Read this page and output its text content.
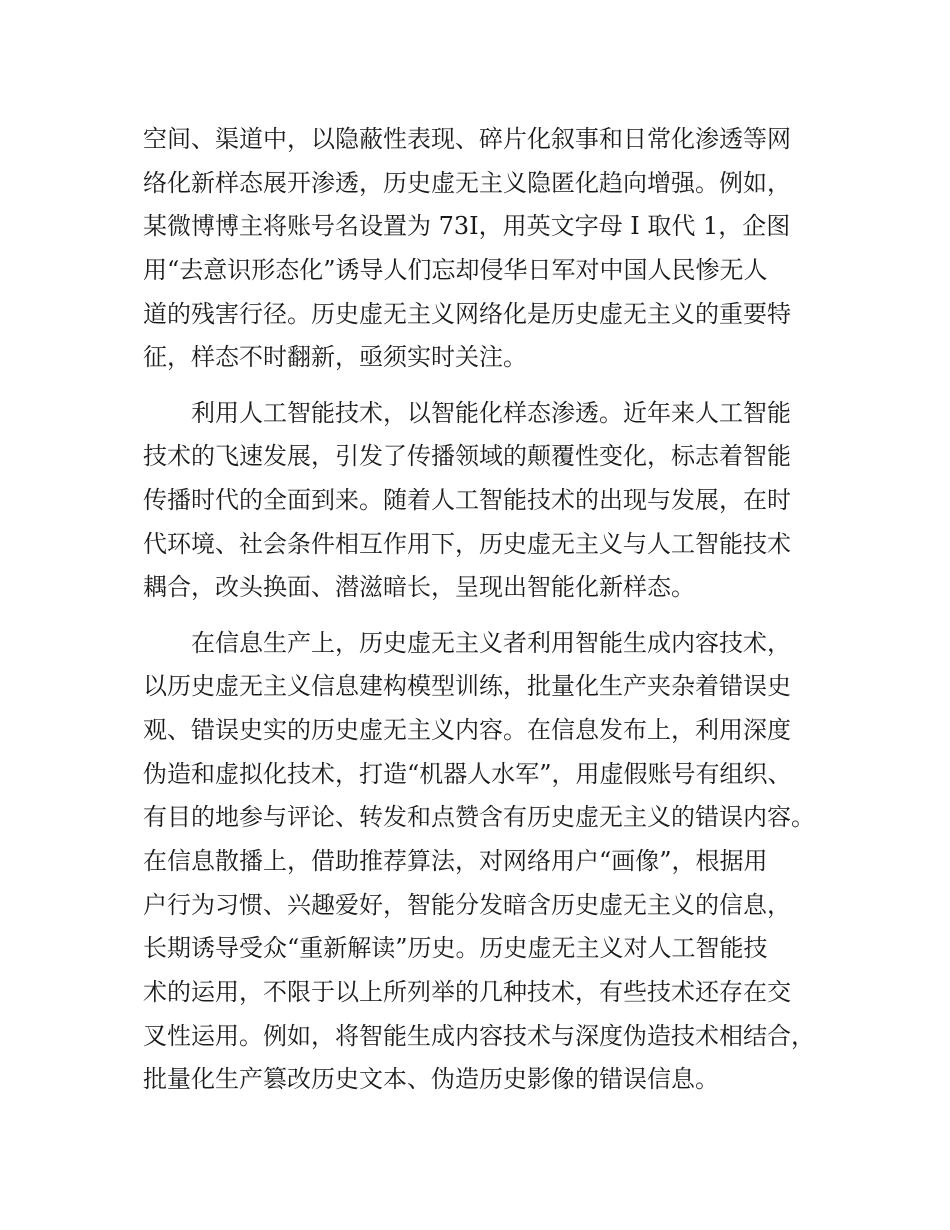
空间、渠道中，以隐蔽性表现、碎片化叙事和日常化渗透等网
络化新样态展开渗透，历史虚无主义隐匿化趋向增强。例如，
某微博博主将账号名设置为 73I，用英文字母 I 取代 1，企图
用“去意识形态化”诱导人们忘却侵华日军对中国人民惨无人
道的残害行径。历史虚无主义网络化是历史虚无主义的重要特
征，样态不时翻新，亟须实时关注。
利用人工智能技术，以智能化样态渗透。近年来人工智能
技术的飞速发展，引发了传播领域的颠覆性变化，标志着智能
传播时代的全面到来。随着人工智能技术的出现与发展，在时
代环境、社会条件相互作用下，历史虚无主义与人工智能技术
耦合，改头换面、潜滋暗长，呈现出智能化新样态。
在信息生产上，历史虚无主义者利用智能生成内容技术，
以历史虚无主义信息建构模型训练，批量化生产夹杂着错误史
观、错误史实的历史虚无主义内容。在信息发布上，利用深度
伪造和虚拟化技术，打造“机器人水军”，用虚假账号有组织、
有目的地参与评论、转发和点赞含有历史虚无主义的错误内容。
在信息散播上，借助推荐算法，对网络用户“画像”，根据用
户行为习惯、兴趣爱好，智能分发暗含历史虚无主义的信息，
长期诱导受众“重新解读”历史。历史虚无主义对人工智能技
术的运用，不限于以上所列举的几种技术，有些技术还存在交
叉性运用。例如，将智能生成内容技术与深度伪造技术相结合，
批量化生产篡改历史文本、伪造历史影像的错误信息。
